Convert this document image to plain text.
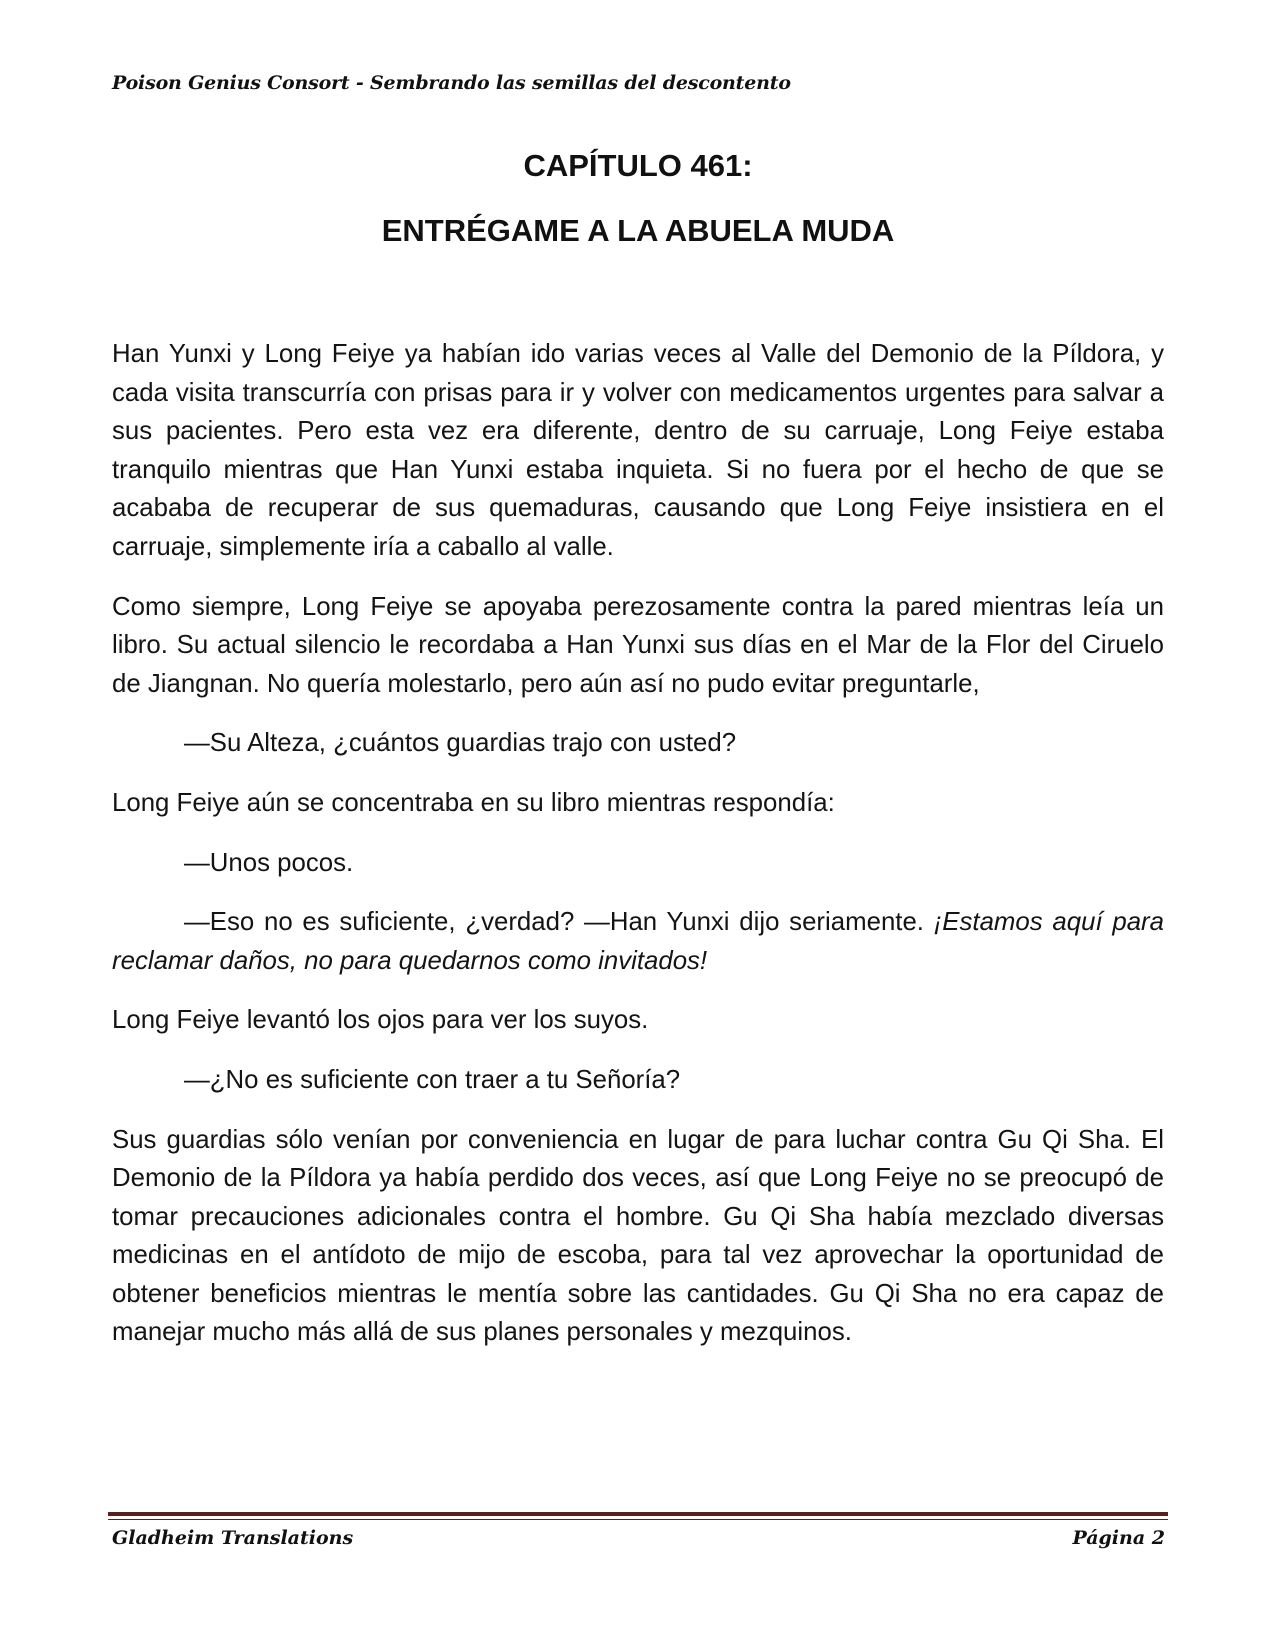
Poison Genius Consort - Sembrando las semillas del descontento
CAPÍTULO 461:
ENTRÉGAME A LA ABUELA MUDA

Han Yunxi y Long Feiye ya habían ido varias veces al Valle del Demonio de la Píldora, y cada visita transcurría con prisas para ir y volver con medicamentos urgentes para salvar a sus pacientes. Pero esta vez era diferente, dentro de su carruaje, Long Feiye estaba tranquilo mientras que Han Yunxi estaba inquieta. Si no fuera por el hecho de que se acababa de recuperar de sus quemaduras, causando que Long Feiye insistiera en el carruaje, simplemente iría a caballo al valle.

Como siempre, Long Feiye se apoyaba perezosamente contra la pared mientras leía un libro. Su actual silencio le recordaba a Han Yunxi sus días en el Mar de la Flor del Ciruelo de Jiangnan. No quería molestarlo, pero aún así no pudo evitar preguntarle,

—Su Alteza, ¿cuántos guardias trajo con usted?

Long Feiye aún se concentraba en su libro mientras respondía:

—Unos pocos.

—Eso no es suficiente, ¿verdad? —Han Yunxi dijo seriamente. ¡Estamos aquí para reclamar daños, no para quedarnos como invitados!

Long Feiye levantó los ojos para ver los suyos.

—¿No es suficiente con traer a tu Señoría?

Sus guardias sólo venían por conveniencia en lugar de para luchar contra Gu Qi Sha. El Demonio de la Píldora ya había perdido dos veces, así que Long Feiye no se preocupó de tomar precauciones adicionales contra el hombre. Gu Qi Sha había mezclado diversas medicinas en el antídoto de mijo de escoba, para tal vez aprovechar la oportunidad de obtener beneficios mientras le mentía sobre las cantidades. Gu Qi Sha no era capaz de manejar mucho más allá de sus planes personales y mezquinos.

Gladheim Translations	Página 2
